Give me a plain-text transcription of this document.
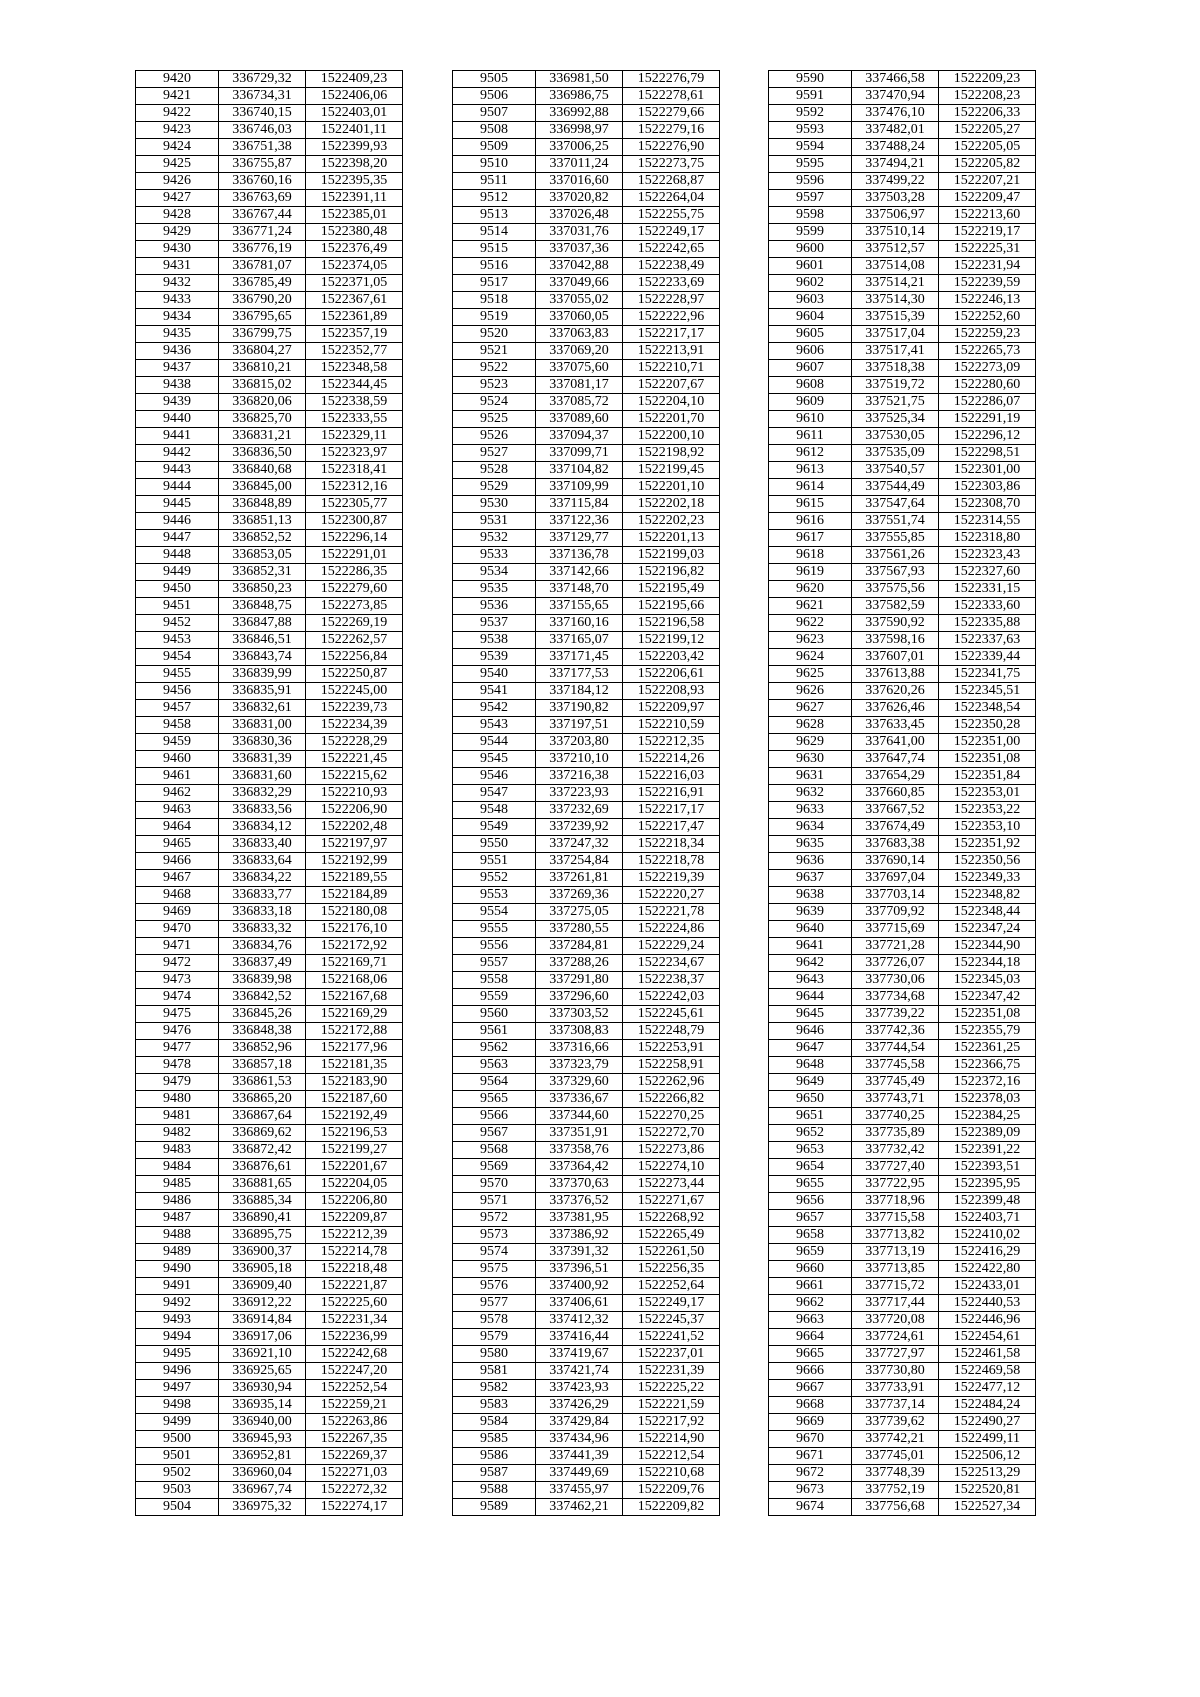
9420	336729,32	1522409,23
9421	336734,31	1522406,06
9422	336740,15	1522403,01
9423	336746,03	1522401,11
9424	336751,38	1522399,93
9425	336755,87	1522398,20
9426	336760,16	1522395,35
9427	336763,69	1522391,11
9428	336767,44	1522385,01
9429	336771,24	1522380,48
9430	336776,19	1522376,49
9431	336781,07	1522374,05
9432	336785,49	1522371,05
9433	336790,20	1522367,61
9434	336795,65	1522361,89
9435	336799,75	1522357,19
9436	336804,27	1522352,77
9437	336810,21	1522348,58
9438	336815,02	1522344,45
9439	336820,06	1522338,59
9440	336825,70	1522333,55
9441	336831,21	1522329,11
9442	336836,50	1522323,97
9443	336840,68	1522318,41
9444	336845,00	1522312,16
9445	336848,89	1522305,77
9446	336851,13	1522300,87
9447	336852,52	1522296,14
9448	336853,05	1522291,01
9449	336852,31	1522286,35
9450	336850,23	1522279,60
9451	336848,75	1522273,85
9452	336847,88	1522269,19
9453	336846,51	1522262,57
9454	336843,74	1522256,84
9455	336839,99	1522250,87
9456	336835,91	1522245,00
9457	336832,61	1522239,73
9458	336831,00	1522234,39
9459	336830,36	1522228,29
9460	336831,39	1522221,45
9461	336831,60	1522215,62
9462	336832,29	1522210,93
9463	336833,56	1522206,90
9464	336834,12	1522202,48
9465	336833,40	1522197,97
9466	336833,64	1522192,99
9467	336834,22	1522189,55
9468	336833,77	1522184,89
9469	336833,18	1522180,08
9470	336833,32	1522176,10
9471	336834,76	1522172,92
9472	336837,49	1522169,71
9473	336839,98	1522168,06
9474	336842,52	1522167,68
9475	336845,26	1522169,29
9476	336848,38	1522172,88
9477	336852,96	1522177,96
9478	336857,18	1522181,35
9479	336861,53	1522183,90
9480	336865,20	1522187,60
9481	336867,64	1522192,49
9482	336869,62	1522196,53
9483	336872,42	1522199,27
9484	336876,61	1522201,67
9485	336881,65	1522204,05
9486	336885,34	1522206,80
9487	336890,41	1522209,87
9488	336895,75	1522212,39
9489	336900,37	1522214,78
9490	336905,18	1522218,48
9491	336909,40	1522221,87
9492	336912,22	1522225,60
9493	336914,84	1522231,34
9494	336917,06	1522236,99
9495	336921,10	1522242,68
9496	336925,65	1522247,20
9497	336930,94	1522252,54
9498	336935,14	1522259,21
9499	336940,00	1522263,86
9500	336945,93	1522267,35
9501	336952,81	1522269,37
9502	336960,04	1522271,03
9503	336967,74	1522272,32
9504	336975,32	1522274,17
9505	336981,50	1522276,79
9506	336986,75	1522278,61
9507	336992,88	1522279,66
9508	336998,97	1522279,16
9509	337006,25	1522276,90
9510	337011,24	1522273,75
9511	337016,60	1522268,87
9512	337020,82	1522264,04
9513	337026,48	1522255,75
9514	337031,76	1522249,17
9515	337037,36	1522242,65
9516	337042,88	1522238,49
9517	337049,66	1522233,69
9518	337055,02	1522228,97
9519	337060,05	1522222,96
9520	337063,83	1522217,17
9521	337069,20	1522213,91
9522	337075,60	1522210,71
9523	337081,17	1522207,67
9524	337085,72	1522204,10
9525	337089,60	1522201,70
9526	337094,37	1522200,10
9527	337099,71	1522198,92
9528	337104,82	1522199,45
9529	337109,99	1522201,10
9530	337115,84	1522202,18
9531	337122,36	1522202,23
9532	337129,77	1522201,13
9533	337136,78	1522199,03
9534	337142,66	1522196,82
9535	337148,70	1522195,49
9536	337155,65	1522195,66
9537	337160,16	1522196,58
9538	337165,07	1522199,12
9539	337171,45	1522203,42
9540	337177,53	1522206,61
9541	337184,12	1522208,93
9542	337190,82	1522209,97
9543	337197,51	1522210,59
9544	337203,80	1522212,35
9545	337210,10	1522214,26
9546	337216,38	1522216,03
9547	337223,93	1522216,91
9548	337232,69	1522217,17
9549	337239,92	1522217,47
9550	337247,32	1522218,34
9551	337254,84	1522218,78
9552	337261,81	1522219,39
9553	337269,36	1522220,27
9554	337275,05	1522221,78
9555	337280,55	1522224,86
9556	337284,81	1522229,24
9557	337288,26	1522234,67
9558	337291,80	1522238,37
9559	337296,60	1522242,03
9560	337303,52	1522245,61
9561	337308,83	1522248,79
9562	337316,66	1522253,91
9563	337323,79	1522258,91
9564	337329,60	1522262,96
9565	337336,67	1522266,82
9566	337344,60	1522270,25
9567	337351,91	1522272,70
9568	337358,76	1522273,86
9569	337364,42	1522274,10
9570	337370,63	1522273,44
9571	337376,52	1522271,67
9572	337381,95	1522268,92
9573	337386,92	1522265,49
9574	337391,32	1522261,50
9575	337396,51	1522256,35
9576	337400,92	1522252,64
9577	337406,61	1522249,17
9578	337412,32	1522245,37
9579	337416,44	1522241,52
9580	337419,67	1522237,01
9581	337421,74	1522231,39
9582	337423,93	1522225,22
9583	337426,29	1522221,59
9584	337429,84	1522217,92
9585	337434,96	1522214,90
9586	337441,39	1522212,54
9587	337449,69	1522210,68
9588	337455,97	1522209,76
9589	337462,21	1522209,82
9590	337466,58	1522209,23
9591	337470,94	1522208,23
9592	337476,10	1522206,33
9593	337482,01	1522205,27
9594	337488,24	1522205,05
9595	337494,21	1522205,82
9596	337499,22	1522207,21
9597	337503,28	1522209,47
9598	337506,97	1522213,60
9599	337510,14	1522219,17
9600	337512,57	1522225,31
9601	337514,08	1522231,94
9602	337514,21	1522239,59
9603	337514,30	1522246,13
9604	337515,39	1522252,60
9605	337517,04	1522259,23
9606	337517,41	1522265,73
9607	337518,38	1522273,09
9608	337519,72	1522280,60
9609	337521,75	1522286,07
9610	337525,34	1522291,19
9611	337530,05	1522296,12
9612	337535,09	1522298,51
9613	337540,57	1522301,00
9614	337544,49	1522303,86
9615	337547,64	1522308,70
9616	337551,74	1522314,55
9617	337555,85	1522318,80
9618	337561,26	1522323,43
9619	337567,93	1522327,60
9620	337575,56	1522331,15
9621	337582,59	1522333,60
9622	337590,92	1522335,88
9623	337598,16	1522337,63
9624	337607,01	1522339,44
9625	337613,88	1522341,75
9626	337620,26	1522345,51
9627	337626,46	1522348,54
9628	337633,45	1522350,28
9629	337641,00	1522351,00
9630	337647,74	1522351,08
9631	337654,29	1522351,84
9632	337660,85	1522353,01
9633	337667,52	1522353,22
9634	337674,49	1522353,10
9635	337683,38	1522351,92
9636	337690,14	1522350,56
9637	337697,04	1522349,33
9638	337703,14	1522348,82
9639	337709,92	1522348,44
9640	337715,69	1522347,24
9641	337721,28	1522344,90
9642	337726,07	1522344,18
9643	337730,06	1522345,03
9644	337734,68	1522347,42
9645	337739,22	1522351,08
9646	337742,36	1522355,79
9647	337744,54	1522361,25
9648	337745,58	1522366,75
9649	337745,49	1522372,16
9650	337743,71	1522378,03
9651	337740,25	1522384,25
9652	337735,89	1522389,09
9653	337732,42	1522391,22
9654	337727,40	1522393,51
9655	337722,95	1522395,95
9656	337718,96	1522399,48
9657	337715,58	1522403,71
9658	337713,82	1522410,02
9659	337713,19	1522416,29
9660	337713,85	1522422,80
9661	337715,72	1522433,01
9662	337717,44	1522440,53
9663	337720,08	1522446,96
9664	337724,61	1522454,61
9665	337727,97	1522461,58
9666	337730,80	1522469,58
9667	337733,91	1522477,12
9668	337737,14	1522484,24
9669	337739,62	1522490,27
9670	337742,21	1522499,11
9671	337745,01	1522506,12
9672	337748,39	1522513,29
9673	337752,19	1522520,81
9674	337756,68	1522527,34
